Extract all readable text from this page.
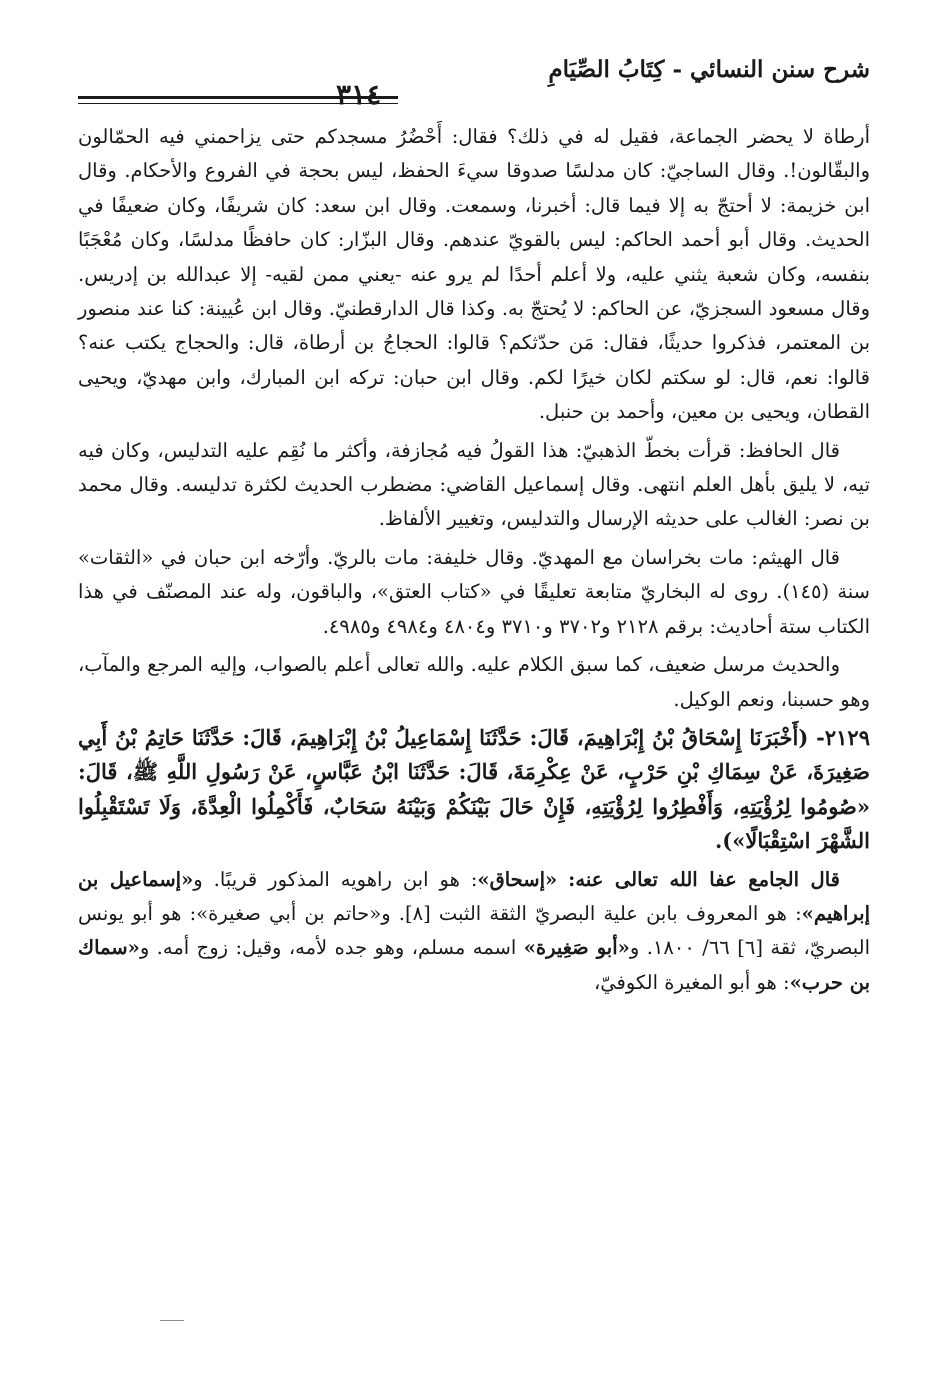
شرح سنن النسائي - كِتَابُ الصِّيَامِ
٣١٤

أرطاة لا يحضر الجماعة، فقيل له في ذلك؟ فقال: أَحْضُرُ مسجدكم حتى يزاحمني فيه الحمّالون والبقّالون!. وقال الساجيّ: كان مدلسًا صدوقا سيءَ الحفظ، ليس بحجة في الفروع والأحكام. وقال ابن خزيمة: لا أحتجّ به إلا فيما قال: أخبرنا، وسمعت. وقال ابن سعد: كان شريفًا، وكان ضعيفًا في الحديث. وقال أبو أحمد الحاكم: ليس بالقويّ عندهم. وقال البزّار: كان حافظًا مدلسًا، وكان مُعْجَبًا بنفسه، وكان شعبة يثني عليه، ولا أعلم أحدًا لم يرو عنه -يعني ممن لقيه- إلا عبدالله بن إدريس. وقال مسعود السجزيّ، عن الحاكم: لا يُحتجّ به. وكذا قال الدارقطنيّ. وقال ابن عُيينة: كنا عند منصور بن المعتمر، فذكروا حديثًا، فقال: مَن حدّثكم؟ قالوا: الحجاجُ بن أرطاة، قال: والحجاج يكتب عنه؟ قالوا: نعم، قال: لو سكتم لكان خيرًا لكم. وقال ابن حبان: تركه ابن المبارك، وابن مهديّ، ويحيى القطان، ويحيى بن معين، وأحمد بن حنبل.

قال الحافظ: قرأت بخطّ الذهبيّ: هذا القولُ فيه مُجازفة، وأكثر ما نُقِم عليه التدليس، وكان فيه تيه، لا يليق بأهل العلم انتهى. وقال إسماعيل القاضي: مضطرب الحديث لكثرة تدليسه. وقال محمد بن نصر: الغالب على حديثه الإرسال والتدليس، وتغيير الألفاظ.

قال الهيثم: مات بخراسان مع المهديّ. وقال خليفة: مات بالريّ. وأرّخه ابن حبان في «الثقات» سنة (١٤٥). روى له البخاريّ متابعة تعليقًا في «كتاب العتق»، والباقون، وله عند المصنّف في هذا الكتاب ستة أحاديث: برقم ٢١٢٨ و٣٧٠٢ و٣٧١٠ و٤٨٠٤ و٤٩٨٤ و٤٩٨٥.

والحديث مرسل ضعيف، كما سبق الكلام عليه. والله تعالى أعلم بالصواب، وإليه المرجع والمآب، وهو حسبنا، ونعم الوكيل.

٢١٢٩- (أَخْبَرَنَا إِسْحَاقُ بْنُ إِبْرَاهِيمَ، قَالَ: حَدَّثَنَا إِسْمَاعِيلُ بْنُ إِبْرَاهِيمَ، قَالَ: حَدَّثَنَا حَاتِمُ بْنُ أَبِي صَغِيرَةَ، عَنْ سِمَاكِ بْنِ حَرْبٍ، عَنْ عِكْرِمَةَ، قَالَ: حَدَّثَنَا ابْنُ عَبَّاسٍ، عَنْ رَسُولِ اللَّهِ ﷺ، قَالَ: «صُومُوا لِرُؤْيَتِهِ، وَأَفْطِرُوا لِرُؤْيَتِهِ، فَإِنْ حَالَ بَيْنَكُمْ وَبَيْنَهُ سَحَابٌ، فَأَكْمِلُوا الْعِدَّةَ، وَلَا تَسْتَقْبِلُوا الشَّهْرَ اسْتِقْبَالًا»).

قال الجامع عفا الله تعالى عنه: «إسحاق»: هو ابن راهويه المذكور قريبًا. و«إسماعيل بن إبراهيم»: هو المعروف بابن علية البصريّ الثقة الثبت [٨]. و«حاتم بن أبي صغيرة»: هو أبو يونس البصريّ، ثقة [٦] ٦٦/ ١٨٠٠. و«أبو صَغِيرة» اسمه مسلم، وهو جده لأمه، وقيل: زوج أمه. و«سماك بن حرب»: هو أبو المغيرة الكوفيّ،
